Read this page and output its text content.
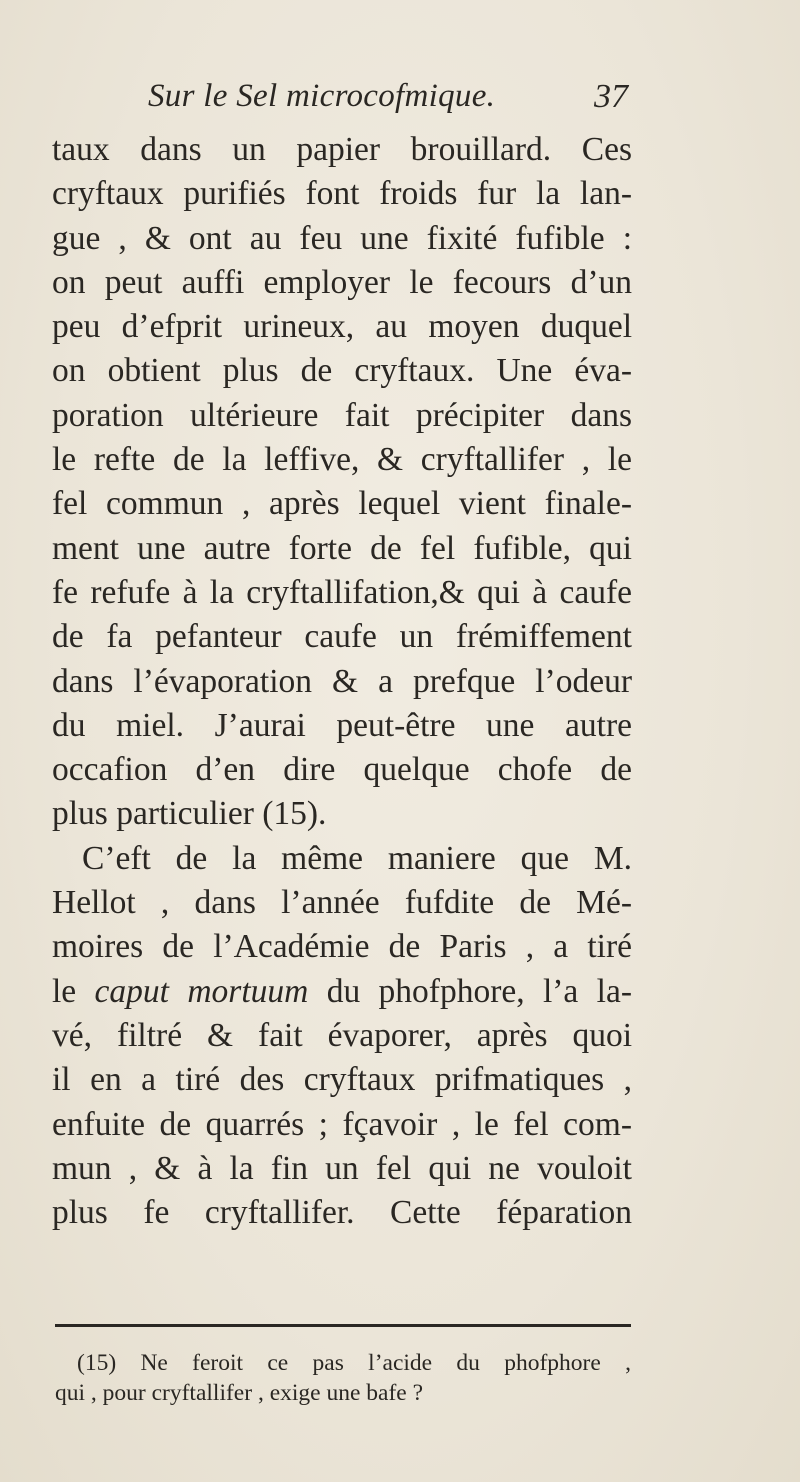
Sur le Sel microcofmique.	37
taux dans un papier brouillard. Ces
cryftaux purifiés font froids fur la lan-
gue , & ont au feu une fixité fufible :
on peut auffi employer le fecours d’un
peu d’efprit urineux, au moyen duquel
on obtient plus de cryftaux. Une éva-
poration ultérieure fait précipiter dans
le refte de la leffive, & cryftallifer , le
fel commun , après lequel vient finale-
ment une autre forte de fel fufible, qui
fe refufe à la cryftallifation,& qui à caufe
de fa pefanteur caufe un frémiffement
dans l’évaporation & a prefque l’odeur
du miel. J’aurai peut-être une autre
occafion d’en dire quelque chofe de
plus particulier (15).
C’eft de la même maniere que M.
Hellot , dans l’année fufdite de Mé-
moires de l’Académie de Paris , a tiré
le caput mortuum du phofphore, l’a la-
vé, filtré & fait évaporer, après quoi
il en a tiré des cryftaux prifmatiques ,
enfuite de quarrés ; fçavoir , le fel com-
mun , & à la fin un fel qui ne vouloit
plus fe cryftallifer. Cette féparation
(15) Ne feroit ce pas l’acide du phofphore ,
qui , pour cryftallifer , exige une bafe ?
